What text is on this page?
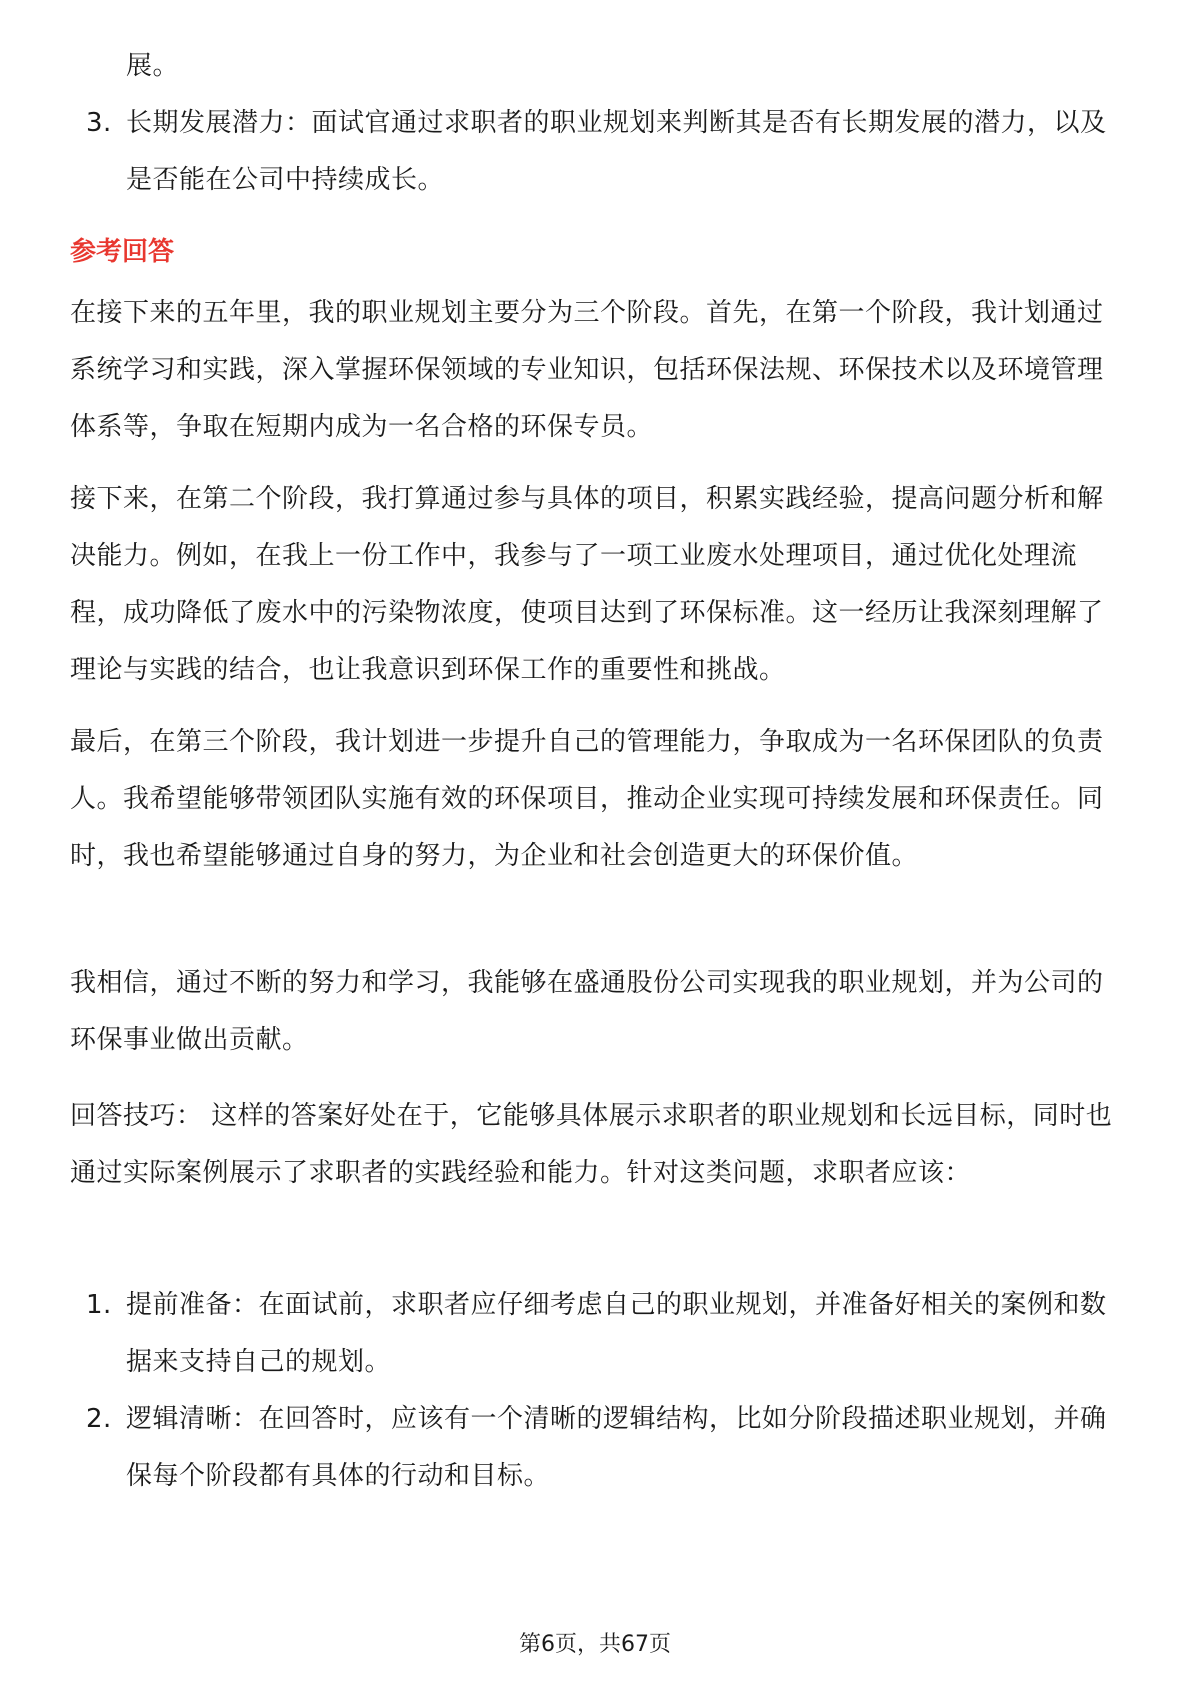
展。
3. 长期发展潜力：面试官通过求职者的职业规划来判断其是否有长期发展的潜力，以及是否能在公司中持续成长。
参考回答
在接下来的五年里，我的职业规划主要分为三个阶段。首先，在第一个阶段，我计划通过系统学习和实践，深入掌握环保领域的专业知识，包括环保法规、环保技术以及环境管理体系等，争取在短期内成为一名合格的环保专员。
接下来，在第二个阶段，我打算通过参与具体的项目，积累实践经验，提高问题分析和解决能力。例如，在我上一份工作中，我参与了一项工业废水处理项目，通过优化处理流程，成功降低了废水中的污染物浓度，使项目达到了环保标准。这一经历让我深刻理解了理论与实践的结合，也让我意识到环保工作的重要性和挑战。
最后，在第三个阶段，我计划进一步提升自己的管理能力，争取成为一名环保团队的负责人。我希望能够带领团队实施有效的环保项目，推动企业实现可持续发展和环保责任。同时，我也希望能够通过自身的努力，为企业和社会创造更大的环保价值。
我相信，通过不断的努力和学习，我能够在盛通股份公司实现我的职业规划，并为公司的环保事业做出贡献。
回答技巧： 这样的答案好处在于，它能够具体展示求职者的职业规划和长远目标，同时也通过实际案例展示了求职者的实践经验和能力。针对这类问题，求职者应该：
1. 提前准备：在面试前，求职者应仔细考虑自己的职业规划，并准备好相关的案例和数据来支持自己的规划。
2. 逻辑清晰：在回答时，应该有一个清晰的逻辑结构，比如分阶段描述职业规划，并确保每个阶段都有具体的行动和目标。
第6页，共67页
